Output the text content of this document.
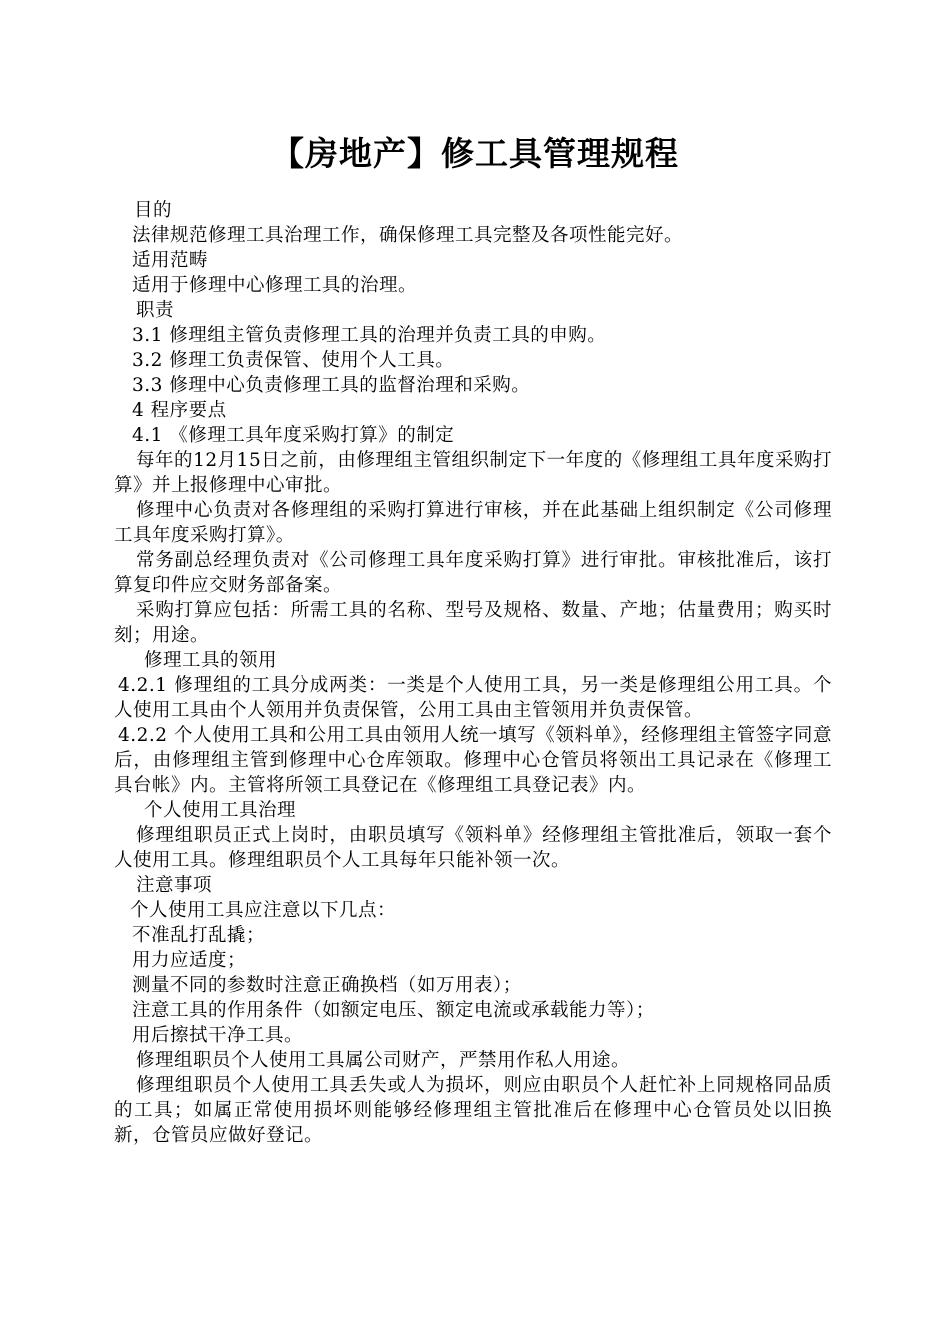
【房地产】修工具管理规程

目的

法律规范修理工具治理工作，确保修理工具完整及各项性能完好。

适用范畴

适用于修理中心修理工具的治理。

职责

3.1 修理组主管负责修理工具的治理并负责工具的申购。

3.2 修理工负责保管、使用个人工具。

3.3 修理中心负责修理工具的监督治理和采购。

4 程序要点

4.1 《修理工具年度采购打算》的制定

每年的12月15日之前，由修理组主管组织制定下一年度的《修理组工具年度采购打算》并上报修理中心审批。

修理中心负责对各修理组的采购打算进行审核，并在此基础上组织制定《公司修理工具年度采购打算》。

常务副总经理负责对《公司修理工具年度采购打算》进行审批。审核批准后，该打算复印件应交财务部备案。

采购打算应包括：所需工具的名称、型号及规格、数量、产地；估量费用；购买时刻；用途。

修理工具的领用

4.2.1 修理组的工具分成两类：一类是个人使用工具，另一类是修理组公用工具。个人使用工具由个人领用并负责保管，公用工具由主管领用并负责保管。

4.2.2 个人使用工具和公用工具由领用人统一填写《领料单》，经修理组主管签字同意后，由修理组主管到修理中心仓库领取。修理中心仓管员将领出工具记录在《修理工具台帐》内。主管将所领工具登记在《修理组工具登记表》内。

个人使用工具治理

修理组职员正式上岗时，由职员填写《领料单》经修理组主管批准后，领取一套个人使用工具。修理组职员个人工具每年只能补领一次。

注意事项

个人使用工具应注意以下几点：

不准乱打乱撬；

用力应适度；

测量不同的参数时注意正确换档（如万用表）；

注意工具的作用条件（如额定电压、额定电流或承载能力等）；

用后擦拭干净工具。

修理组职员个人使用工具属公司财产，严禁用作私人用途。

修理组职员个人使用工具丢失或人为损坏，则应由职员个人赶忙补上同规格同品质的工具；如属正常使用损坏则能够经修理组主管批准后在修理中心仓管员处以旧换新，仓管员应做好登记。
